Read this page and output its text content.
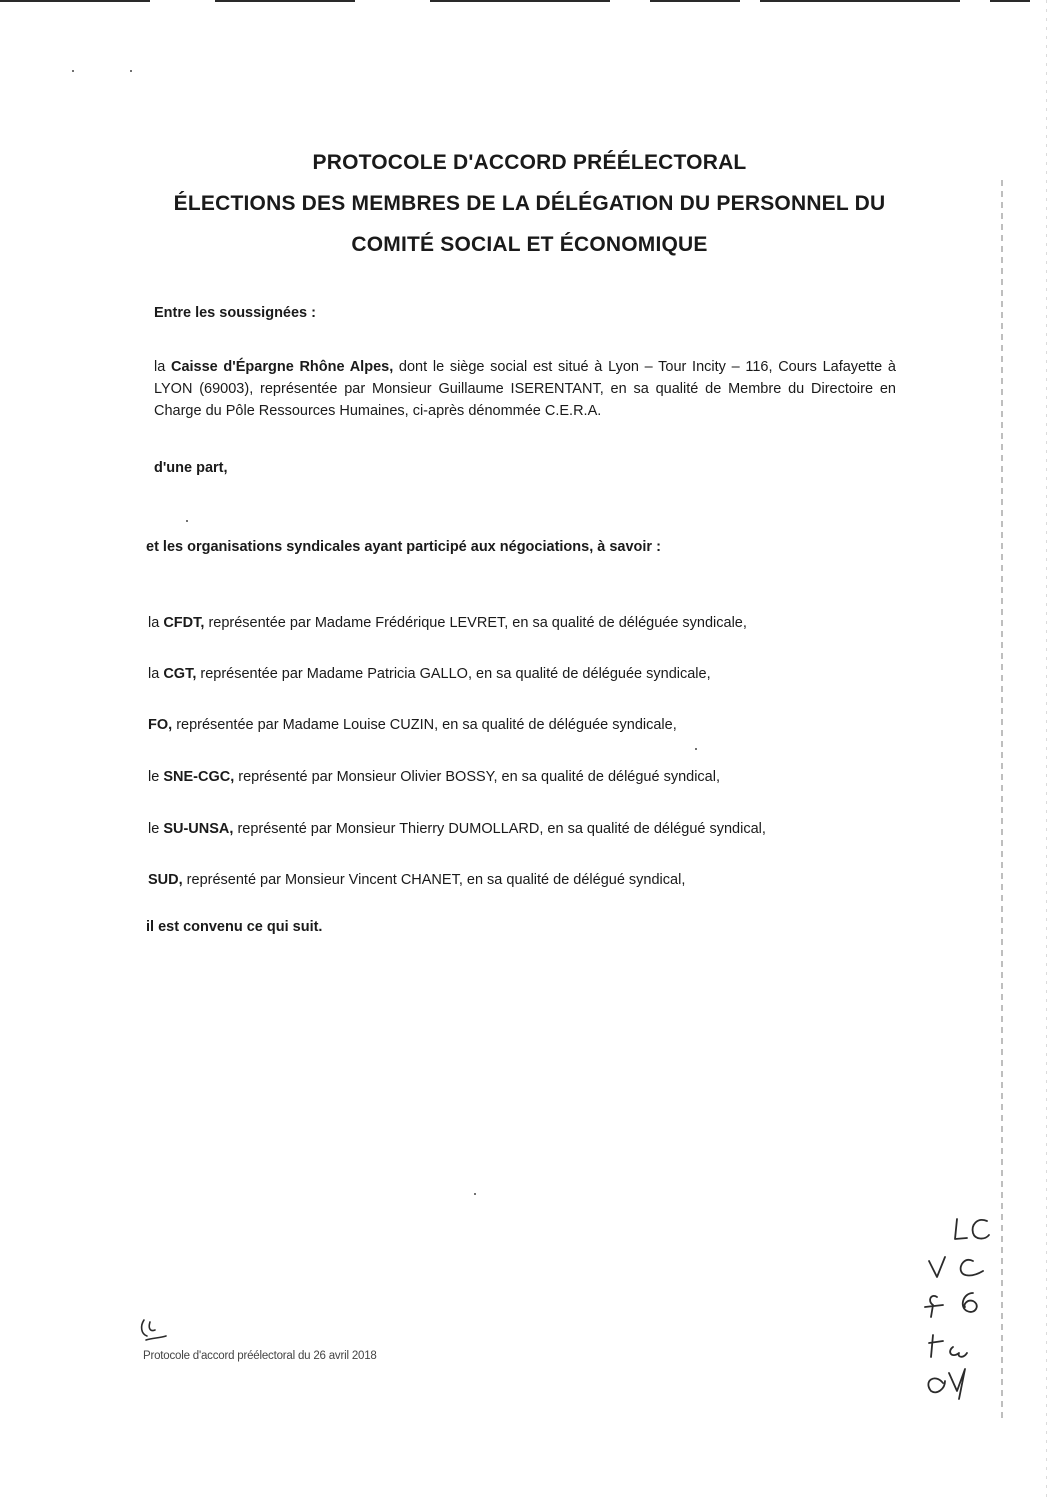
PROTOCOLE D'ACCORD PRÉÉLECTORAL
ÉLECTIONS DES MEMBRES DE LA DÉLÉGATION DU PERSONNEL DU
COMITÉ SOCIAL ET ÉCONOMIQUE
Entre les soussignées :
la Caisse d'Épargne Rhône Alpes, dont le siège social est situé à Lyon – Tour Incity – 116, Cours Lafayette à LYON (69003), représentée par Monsieur Guillaume ISERENTANT, en sa qualité de Membre du Directoire en Charge du Pôle Ressources Humaines, ci-après dénommée C.E.R.A.
d'une part,
et les organisations syndicales ayant participé aux négociations, à savoir :
la CFDT, représentée par Madame Frédérique LEVRET, en sa qualité de déléguée syndicale,
la CGT, représentée par Madame Patricia GALLO, en sa qualité de déléguée syndicale,
FO, représentée par Madame Louise CUZIN, en sa qualité de déléguée syndicale,
le SNE-CGC, représenté par Monsieur Olivier BOSSY, en sa qualité de délégué syndical,
le SU-UNSA, représenté par Monsieur Thierry DUMOLLARD, en sa qualité de délégué syndical,
SUD, représenté par Monsieur Vincent CHANET, en sa qualité de délégué syndical,
il est convenu ce qui suit.
Protocole d'accord préélectoral du 26 avril 2018
